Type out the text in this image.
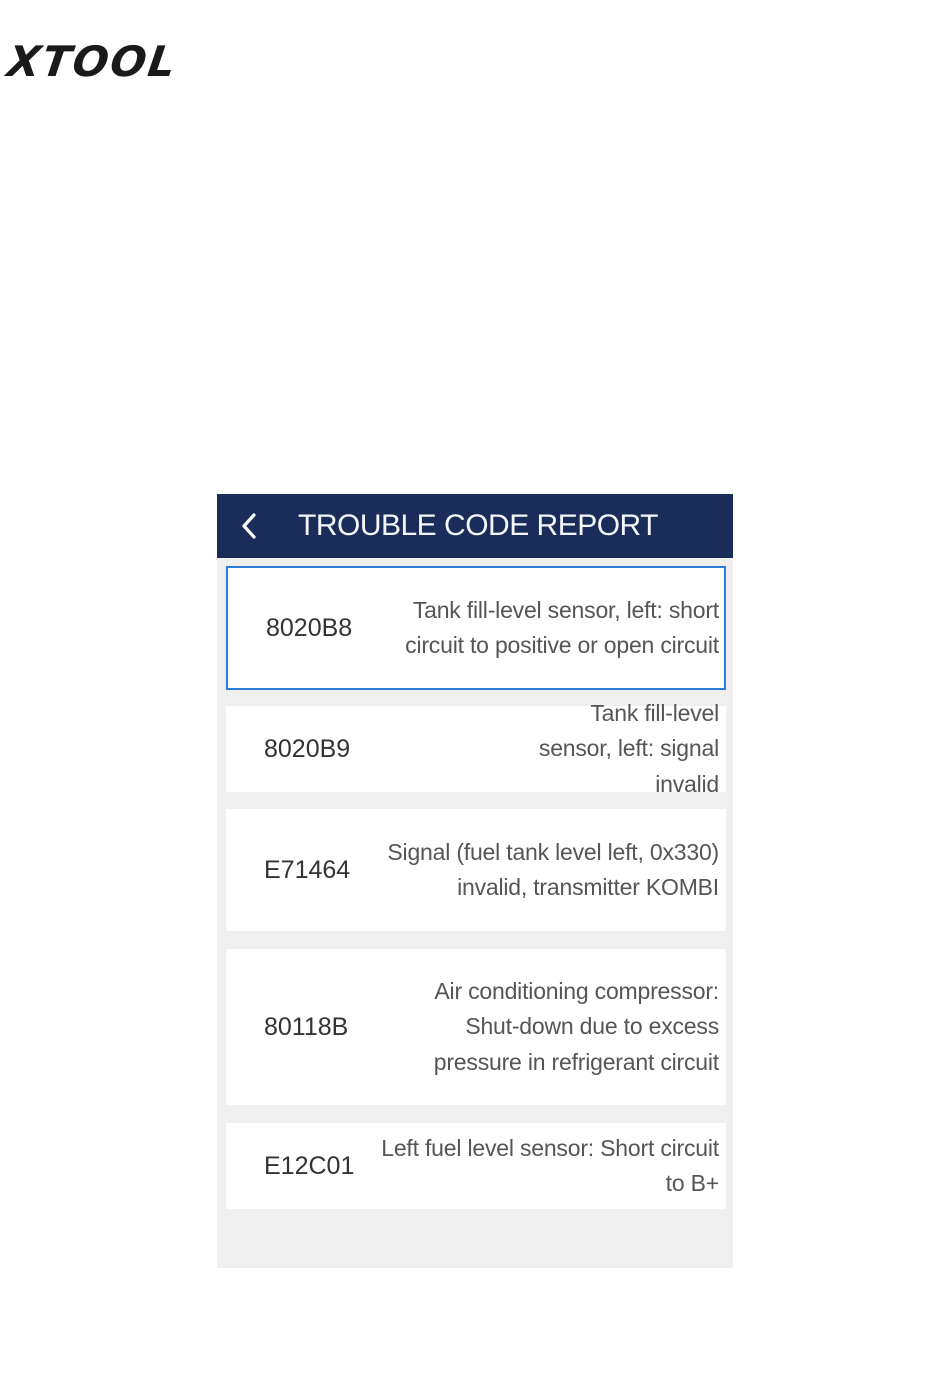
XTOOL
TROUBLE CODE REPORT
8020B8
Tank fill-level sensor, left: short circuit to positive or open circuit
8020B9
Tank fill-level sensor, left: signal invalid
E71464
Signal (fuel tank level left, 0x330) invalid, transmitter KOMBI
80118B
Air conditioning compressor: Shut-down due to excess pressure in refrigerant circuit
E12C01
Left fuel level sensor: Short circuit to B+
